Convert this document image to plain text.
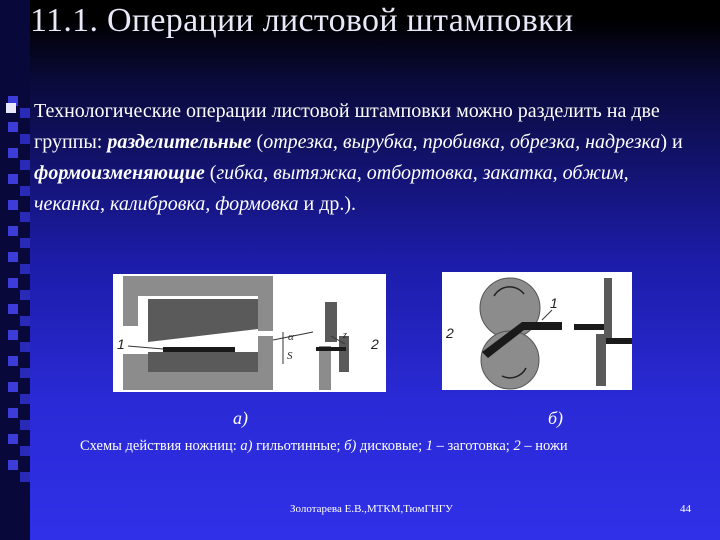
11.1. Операции листовой штамповки

Технологические операции листовой штамповки можно разделить на две группы: разделительные (отрезка, вырубка, пробивка, обрезка, надрезка) и формоизменяющие (гибка, вытяжка, отбортовка, закатка, обжим, чеканка, калибровка, формовка и др.).

1	2
α
S
z
1
2
а)	б)

Схемы действия ножниц: а) гильотинные; б) дисковые; 1 – заготовка; 2 – ножи

Золотарева Е.В.,МТКМ,ТюмГНГУ	44
